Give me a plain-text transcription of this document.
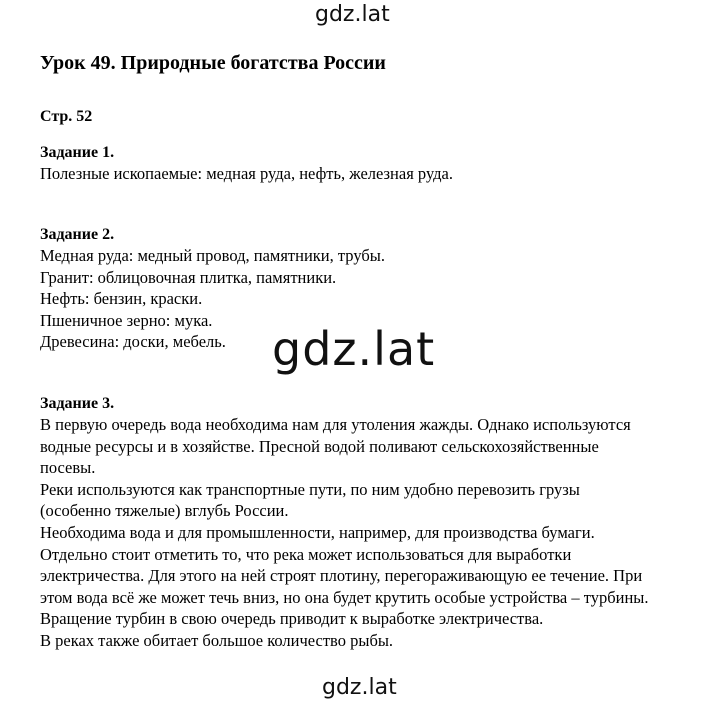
gdz.lat
Урок 49. Природные богатства России
Стр. 52
Задание 1.
Полезные ископаемые: медная руда, нефть, железная руда.
Задание 2.
Медная руда: медный провод, памятники, трубы.
Гранит: облицовочная плитка, памятники.
Нефть: бензин, краски.
Пшеничное зерно: мука.
Древесина: доски, мебель.	gdz.lat
Задание 3.
В первую очередь вода необходима нам для утоления жажды. Однако используются
водные ресурсы и в хозяйстве. Пресной водой поливают сельскохозяйственные
посевы.
Реки используются как транспортные пути, по ним удобно перевозить грузы
(особенно тяжелые) вглубь России.
Необходима вода и для промышленности, например, для производства бумаги.
Отдельно стоит отметить то, что река может использоваться для выработки
электричества. Для этого на ней строят плотину, перегораживающую ее течение. При
этом вода всё же может течь вниз, но она будет крутить особые устройства – турбины.
Вращение турбин в свою очередь приводит к выработке электричества.
В реках также обитает большое количество рыбы.
gdz.lat
